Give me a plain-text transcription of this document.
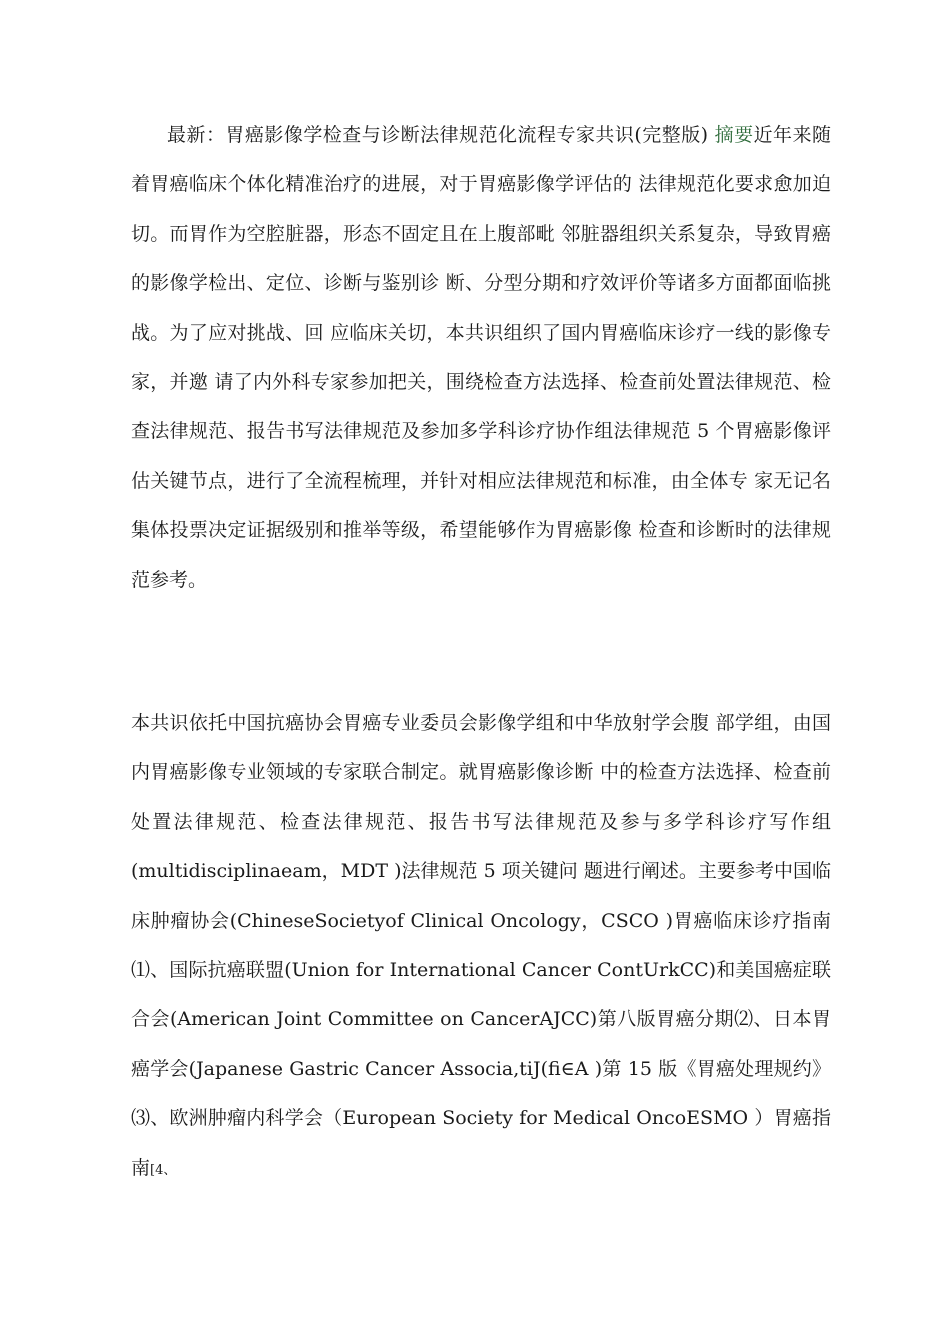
最新：胃癌影像学检查与诊断法律规范化流程专家共识(完整版) 摘要近年来随着胃癌临床个体化精准治疗的进展，对于胃癌影像学评估的 法律规范化要求愈加迫切。而胃作为空腔脏器，形态不固定且在上腹部毗 邻脏器组织关系复杂，导致胃癌的影像学检出、定位、诊断与鉴别诊 断、分型分期和疗效评价等诸多方面都面临挑战。为了应对挑战、回 应临床关切，本共识组织了国内胃癌临床诊疗一线的影像专家，并邀 请了内外科专家参加把关，围绕检查方法选择、检查前处置法律规范、检 查法律规范、报告书写法律规范及参加多学科诊疗协作组法律规范 5 个胃癌影像评 估关键节点，进行了全流程梳理，并针对相应法律规范和标准，由全体专 家无记名集体投票决定证据级别和推举等级，希望能够作为胃癌影像 检查和诊断时的法律规范参考。

本共识依托中国抗癌协会胃癌专业委员会影像学组和中华放射学会腹 部学组，由国内胃癌影像专业领域的专家联合制定。就胃癌影像诊断 中的检查方法选择、检查前处置法律规范、检查法律规范、报告书写法律规范及参与多学科诊疗写作组(multidisciplinaeam，MDT )法律规范 5 项关键问 题进行阐述。主要参考中国临床肿瘤协会(ChineseSocietyof Clinical Oncology，CSCO )胃癌临床诊疗指南⑴、国际抗癌联盟(Union for International Cancer ContUrkCC)和美国癌症联合会(American Joint Committee on CancerAJCC)第八版胃癌分期⑵、日本胃癌学会(Japanese Gastric Cancer Associa,tiJ(fi∈A )第 15 版《胃癌处理规约》⑶、欧洲肿瘤内科学会（European Society for Medical OncoESMO ）胃癌指 南[4、
